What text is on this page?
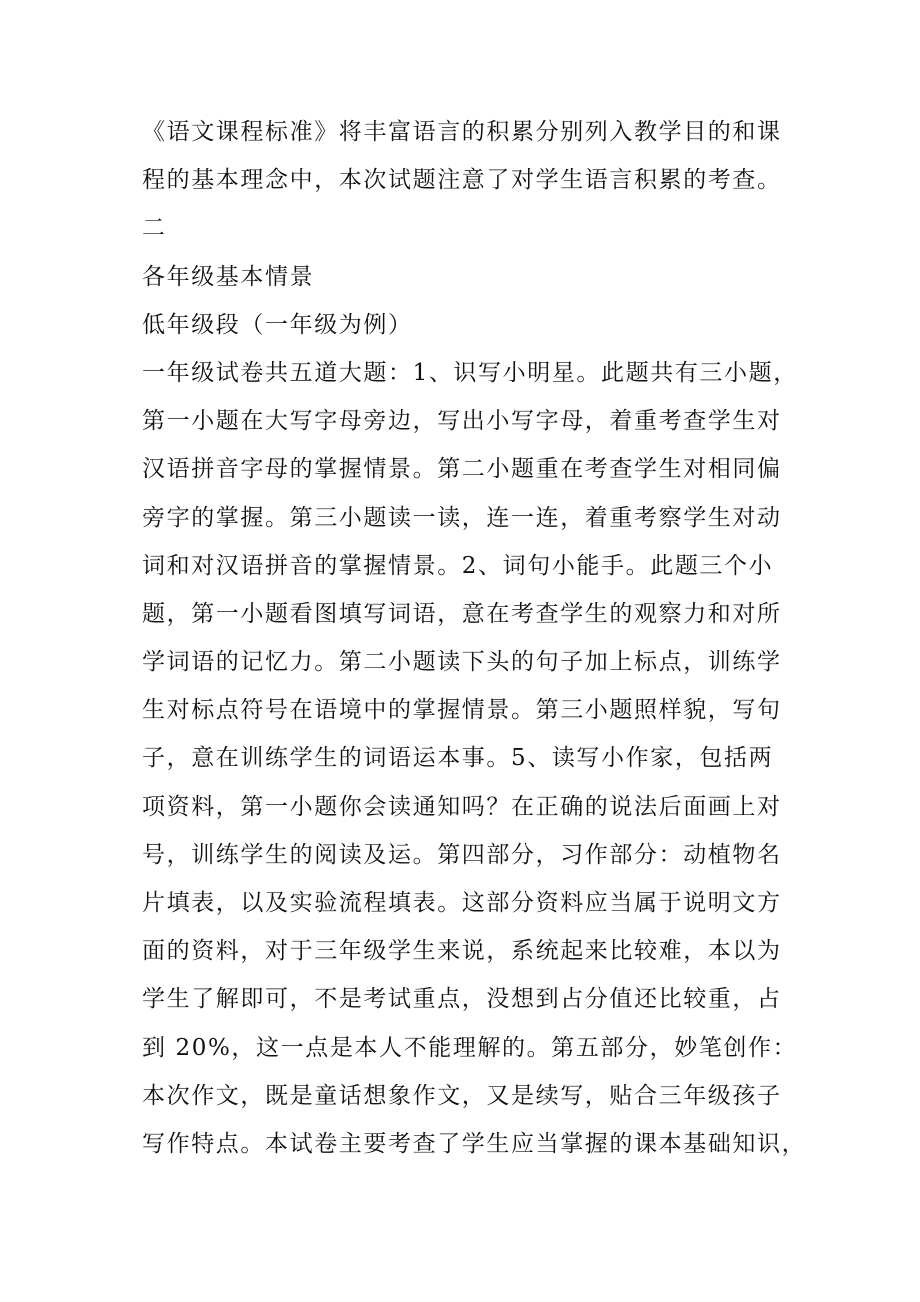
《语文课程标准》将丰富语言的积累分别列入教学目的和课
程的基本理念中，本次试题注意了对学生语言积累的考查。
二
各年级基本情景
低年级段（一年级为例）
一年级试卷共五道大题：1、识写小明星。此题共有三小题，
第一小题在大写字母旁边，写出小写字母，着重考查学生对
汉语拼音字母的掌握情景。第二小题重在考查学生对相同偏
旁字的掌握。第三小题读一读，连一连，着重考察学生对动
词和对汉语拼音的掌握情景。2、词句小能手。此题三个小
题，第一小题看图填写词语，意在考查学生的观察力和对所
学词语的记忆力。第二小题读下头的句子加上标点，训练学
生对标点符号在语境中的掌握情景。第三小题照样貌，写句
子，意在训练学生的词语运本事。5、读写小作家，包括两
项资料，第一小题你会读通知吗？在正确的说法后面画上对
号，训练学生的阅读及运。第四部分，习作部分：动植物名
片填表，以及实验流程填表。这部分资料应当属于说明文方
面的资料，对于三年级学生来说，系统起来比较难，本以为
学生了解即可，不是考试重点，没想到占分值还比较重，占
到 20%，这一点是本人不能理解的。第五部分，妙笔创作：
本次作文，既是童话想象作文，又是续写，贴合三年级孩子
写作特点。本试卷主要考查了学生应当掌握的课本基础知识，
